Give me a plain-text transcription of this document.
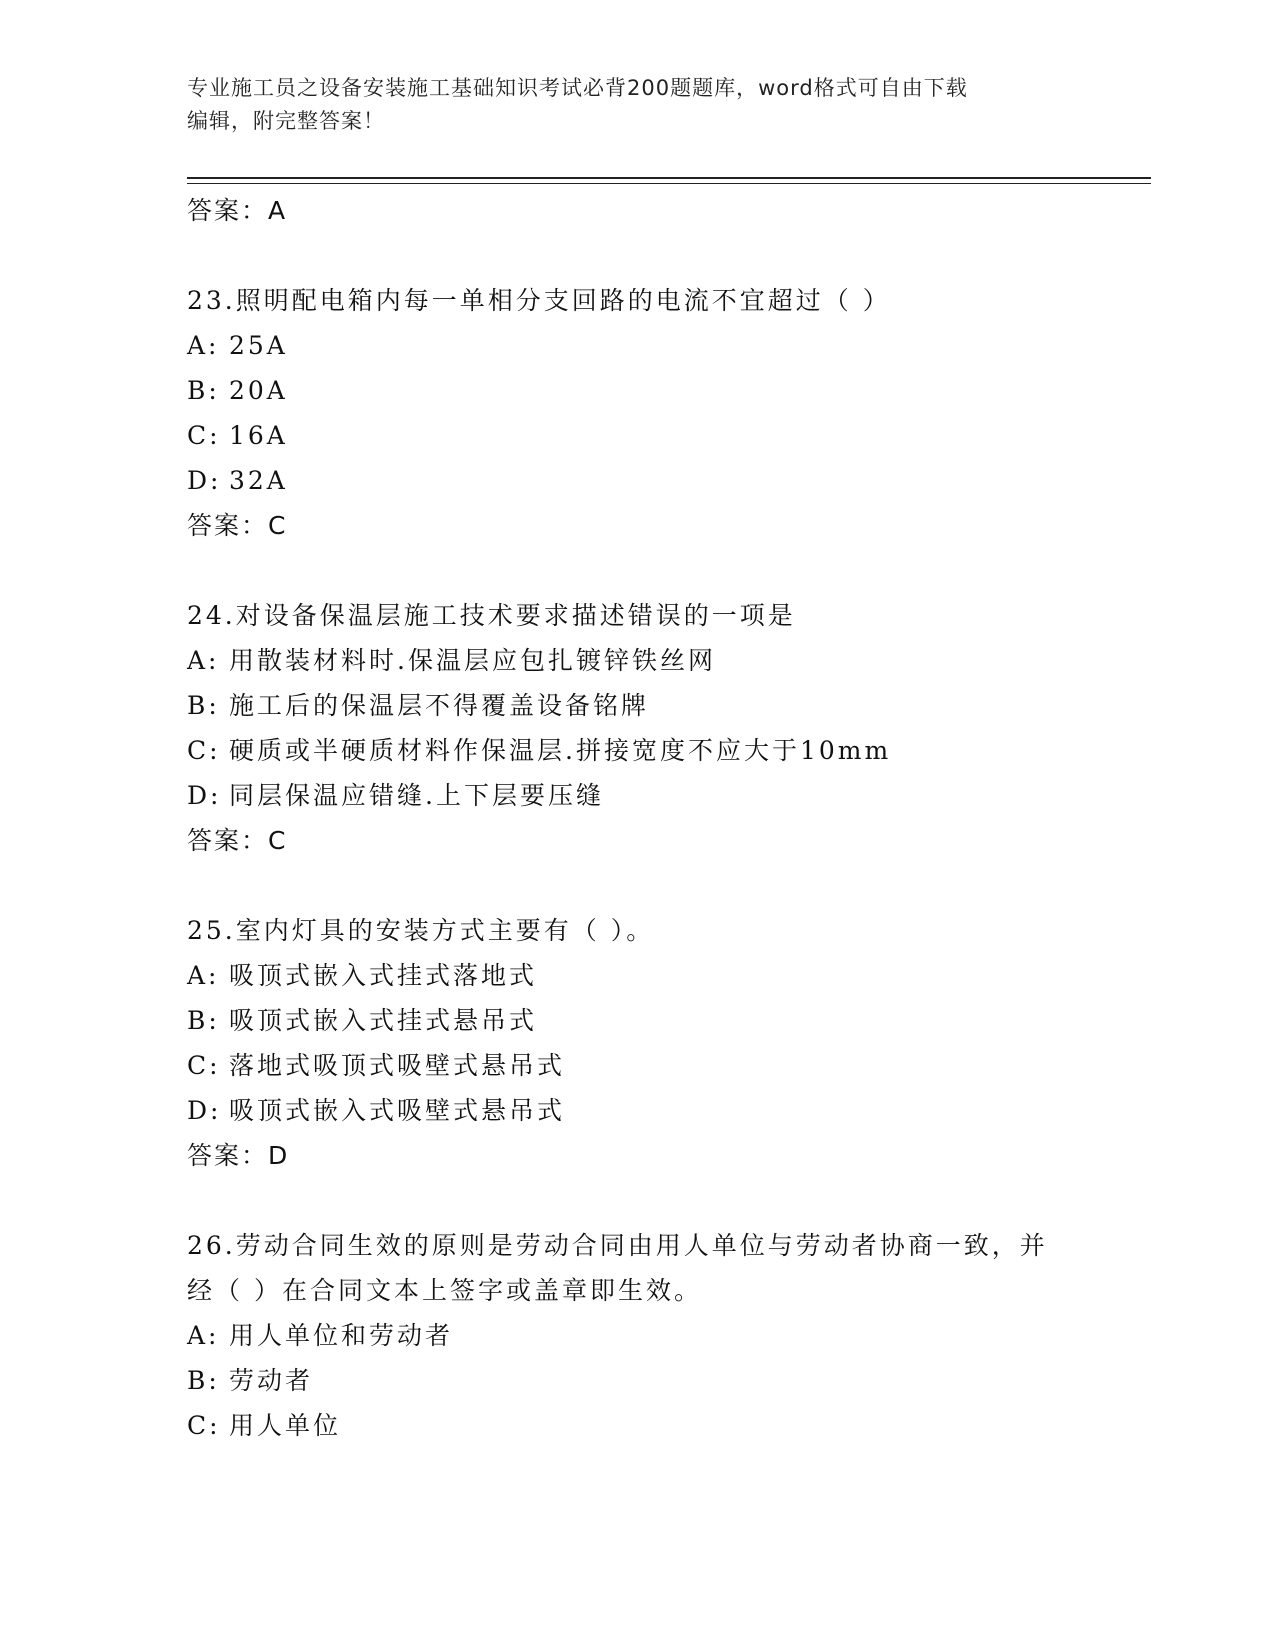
专业施工员之设备安装施工基础知识考试必背200题题库，word格式可自由下载
编辑，附完整答案！
答案：A
23.照明配电箱内每一单相分支回路的电流不宜超过（ ）
A: 25A
B: 20A
C: 16A
D: 32A
答案：C
24.对设备保温层施工技术要求描述错误的一项是
A: 用散装材料时.保温层应包扎镀锌铁丝网
B: 施工后的保温层不得覆盖设备铭牌
C: 硬质或半硬质材料作保温层.拼接宽度不应大于10mm
D: 同层保温应错缝.上下层要压缝
答案：C
25.室内灯具的安装方式主要有（ ）。
A: 吸顶式嵌入式挂式落地式
B: 吸顶式嵌入式挂式悬吊式
C: 落地式吸顶式吸壁式悬吊式
D: 吸顶式嵌入式吸壁式悬吊式
答案：D
26.劳动合同生效的原则是劳动合同由用人单位与劳动者协商一致，并
经（ ）在合同文本上签字或盖章即生效。
A: 用人单位和劳动者
B: 劳动者
C: 用人单位
